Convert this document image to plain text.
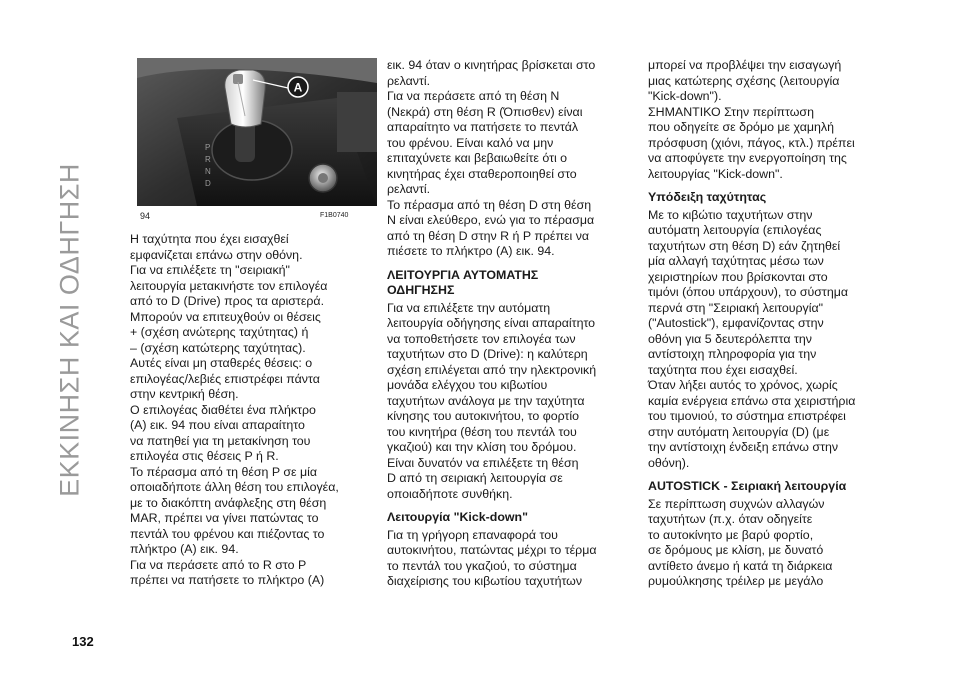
ΕΚΚΙΝΗΣΗ ΚΑΙ ΟΔΗΓΗΣΗ
132
P
R
N
D
A
94	F1B0740

Η ταχύτητα που έχει εισαχθεί

εμφανίζεται επάνω στην οθόνη.

Για να επιλέξετε τη "σειριακή"

λειτουργία μετακινήστε τον επιλογέα

από το D (Drive) προς τα αριστερά.

Μπορούν να επιτευχθούν οι θέσεις

+ (σχέση ανώτερης ταχύτητας) ή

– (σχέση κατώτερης ταχύτητας).

Αυτές είναι μη σταθερές θέσεις: ο

επιλογέας/λεβιές επιστρέφει πάντα

στην κεντρική θέση.

Ο επιλογέας διαθέτει ένα πλήκτρο

(A) εικ. 94 που είναι απαραίτητο

να πατηθεί για τη μετακίνηση του

επιλογέα στις θέσεις P ή R.

Το πέρασμα από τη θέση P σε μία

οποιαδήποτε άλλη θέση του επιλογέα,

με το διακόπτη ανάφλεξης στη θέση

MAR, πρέπει να γίνει πατώντας το

πεντάλ του φρένου και πιέζοντας το

πλήκτρο (A) εικ. 94.

Για να περάσετε από το R στο P

πρέπει να πατήσετε το πλήκτρο (A)

εικ. 94 όταν ο κινητήρας βρίσκεται στο

ρελαντί.

Για να περάσετε από τη θέση N

(Νεκρά) στη θέση R (Όπισθεν) είναι

απαραίτητο να πατήσετε το πεντάλ

του φρένου. Είναι καλό να μην

επιταχύνετε και βεβαιωθείτε ότι ο

κινητήρας έχει σταθεροποιηθεί στο

ρελαντί.

Το πέρασμα από τη θέση D στη θέση

N είναι ελεύθερο, ενώ για το πέρασμα

από τη θέση D στην R ή P πρέπει να

πιέσετε το πλήκτρο (A) εικ. 94.

ΛΕΙΤΟΥΡΓΙΑ ΑΥΤΟΜΑΤΗΣ
ΟΔΗΓΗΣΗΣ

Για να επιλέξετε την αυτόματη

λειτουργία οδήγησης είναι απαραίτητο

να τοποθετήσετε τον επιλογέα των

ταχυτήτων στο D (Drive): η καλύτερη

σχέση επιλέγεται από την ηλεκτρονική

μονάδα ελέγχου του κιβωτίου

ταχυτήτων ανάλογα με την ταχύτητα

κίνησης του αυτοκινήτου, το φορτίο

του κινητήρα (θέση του πεντάλ του

γκαζιού) και την κλίση του δρόμου.

Είναι δυνατόν να επιλέξετε τη θέση

D από τη σειριακή λειτουργία σε

οποιαδήποτε συνθήκη.

Λειτουργία "Kick-down"

Για τη γρήγορη επαναφορά του

αυτοκινήτου, πατώντας μέχρι το τέρμα

το πεντάλ του γκαζιού, το σύστημα

διαχείρισης του κιβωτίου ταχυτήτων

μπορεί να προβλέψει την εισαγωγή

μιας κατώτερης σχέσης (λειτουργία

"Kick-down").

ΣΗΜΑΝΤΙΚΟ Στην περίπτωση

που οδηγείτε σε δρόμο με χαμηλή

πρόσφυση (χιόνι, πάγος, κτλ.) πρέπει

να αποφύγετε την ενεργοποίηση της

λειτουργίας "Kick-down".

Υπόδειξη ταχύτητας

Με το κιβώτιο ταχυτήτων στην

αυτόματη λειτουργία (επιλογέας

ταχυτήτων στη θέση D) εάν ζητηθεί

μία αλλαγή ταχύτητας μέσω των

χειριστηρίων που βρίσκονται στο

τιμόνι (όπου υπάρχουν), το σύστημα

περνά στη "Σειριακή λειτουργία"

("Autostick"), εμφανίζοντας στην

οθόνη για 5 δευτερόλεπτα την

αντίστοιχη πληροφορία για την

ταχύτητα που έχει εισαχθεί.

Όταν λήξει αυτός το χρόνος, χωρίς

καμία ενέργεια επάνω στα χειριστήρια

του τιμονιού, το σύστημα επιστρέφει

στην αυτόματη λειτουργία (D) (με

την αντίστοιχη ένδειξη επάνω στην

οθόνη).

AUTOSTICK - Σειριακή λειτουργία

Σε περίπτωση συχνών αλλαγών

ταχυτήτων (π.χ. όταν οδηγείτε

το αυτοκίνητο με βαρύ φορτίο,

σε δρόμους με κλίση, με δυνατό

αντίθετο άνεμο ή κατά τη διάρκεια

ρυμούλκησης τρέιλερ με μεγάλο
